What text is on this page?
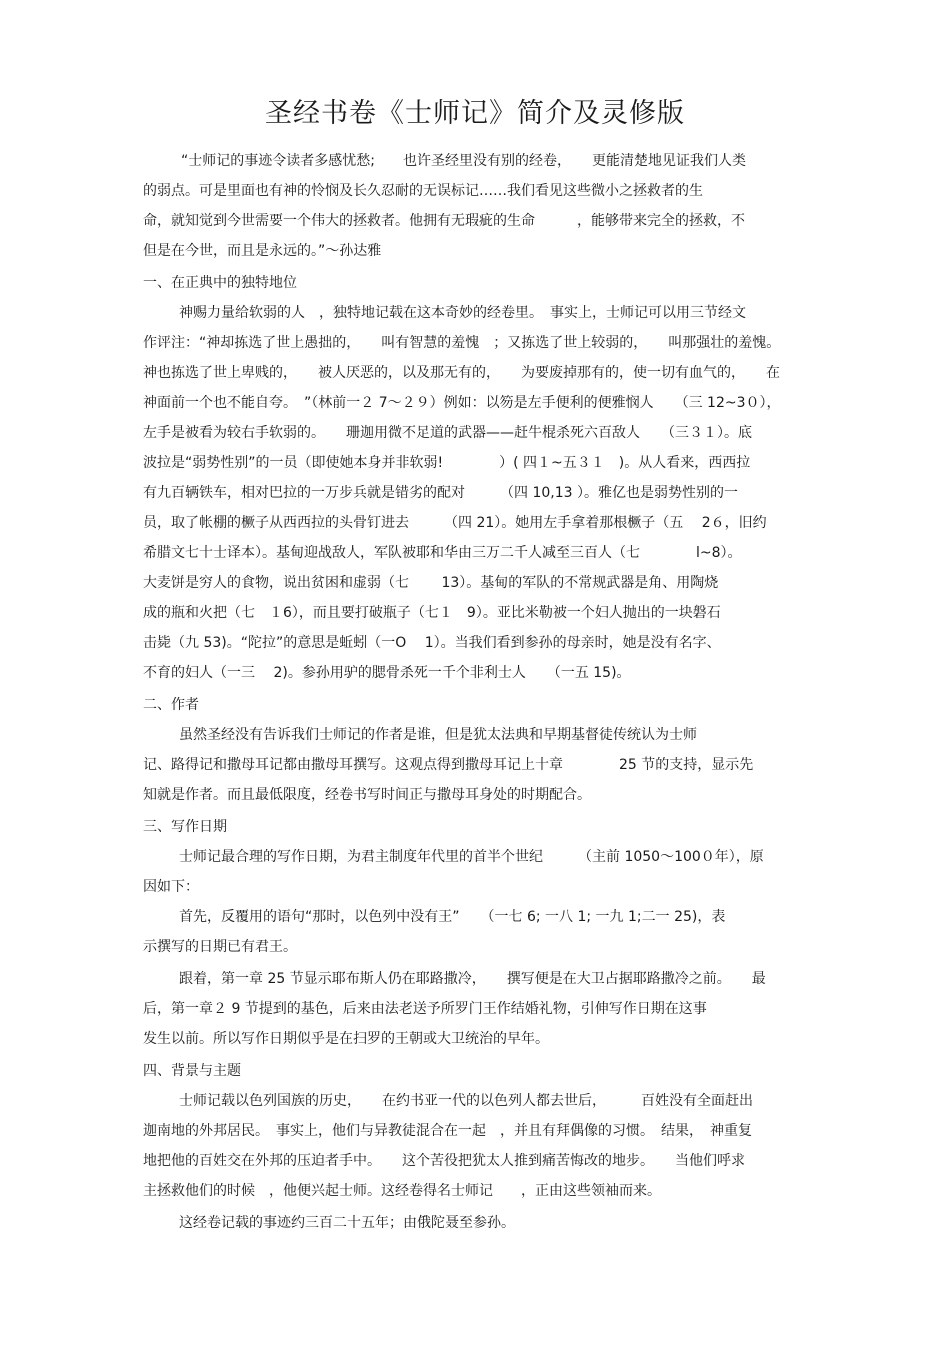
圣经书卷《士师记》简介及灵修版
“士师记的事迹令读者多感忧愁;　　也许圣经里没有别的经卷，　　更能清楚地见证我们人类
的弱点。可是里面也有神的怜悯及长久忍耐的无误标记……我们看见这些微小之拯救者的生
命，就知觉到今世需要一个伟大的拯救者。他拥有无瑕疵的生命　　　，能够带来完全的拯救，不
但是在今世，而且是永远的。”～孙达雅
一、在正典中的独特地位
神赐力量给软弱的人　，独特地记载在这本奇妙的经卷里。　事实上，士师记可以用三节经文
作评注：“神却拣选了世上愚拙的，　　叫有智慧的羞愧　；又拣选了世上较弱的，　　叫那强壮的羞愧。
神也拣选了世上卑贱的，　　被人厌恶的，以及那无有的，　　为要废掉那有的，使一切有血气的，　　在
神面前一个也不能自夸。　”（林前一２ 7～２９）例如：以笏是左手便利的便雅悯人　　（三 12~3０），
左手是被看为较右手软弱的。　　珊迦用微不足道的武器——赶牛棍杀死六百敌人　　（三３１）。底
波拉是“弱势性别”的一员（即使她本身并非软弱!　　　　）( 四１~五３１　)。从人看来，西西拉
有九百辆铁车，相对巴拉的一万步兵就是错劣的配对　　　（四 10,13 ）。雅亿也是弱势性别的一
员，取了帐棚的橛子从西西拉的头骨钉进去　　　（四 21）。她用左手拿着那根橛子（五　 2６，旧约
希腊文七十士译本）。基甸迎战敌人，军队被耶和华由三万二千人减至三百人（七　　　　l~8）。
大麦饼是穷人的食物，说出贫困和虚弱（七　　 13）。基甸的军队的不常规武器是角、用陶烧
成的瓶和火把（七　１6），而且要打破瓶子（七１　9）。亚比米勒被一个妇人抛出的一块磐石
击毙（九 53)。“陀拉”的意思是蚯蚓（一O　 1）。当我们看到参孙的母亲时，她是没有名字、
不育的妇人（一三　 2)。参孙用驴的腮骨杀死一千个非利士人　　（一五 15)。
二、作者
虽然圣经没有告诉我们士师记的作者是谁，但是犹太法典和早期基督徒传统认为士师
记、路得记和撒母耳记都由撒母耳撰写。这观点得到撒母耳记上十章　　　　25 节的支持，显示先
知就是作者。而且最低限度，经卷书写时间正与撒母耳身处的时期配合。
三、写作日期
士师记最合理的写作日期，为君主制度年代里的首半个世纪　　　（主前 1050～100０年），原
因如下：
首先，反覆用的语句“那时，以色列中没有王”　　（一七 6; 一八 1; 一九 1;二一 25)，表
示撰写的日期已有君王。
跟着，第一章 25 节显示耶布斯人仍在耶路撒冷，　　撰写便是在大卫占据耶路撒冷之前。　　最
后，第一章２ 9 节提到的基色，后来由法老送予所罗门王作结婚礼物，引伸写作日期在这事
发生以前。所以写作日期似乎是在扫罗的王朝或大卫统治的早年。
四、背景与主题
士师记载以色列国族的历史，　　在约书亚一代的以色列人都去世后，　　　百姓没有全面赶出
迦南地的外邦居民。　事实上，他们与异教徒混合在一起　，并且有拜偶像的习惯。　结果，　神重复
地把他的百姓交在外邦的压迫者手中。　　这个苦役把犹太人推到痛苦悔改的地步。　　当他们呼求
主拯救他们的时候　，他便兴起士师。这经卷得名士师记　　，正由这些领袖而来。
这经卷记载的事迹约三百二十五年；由俄陀聂至参孙。
